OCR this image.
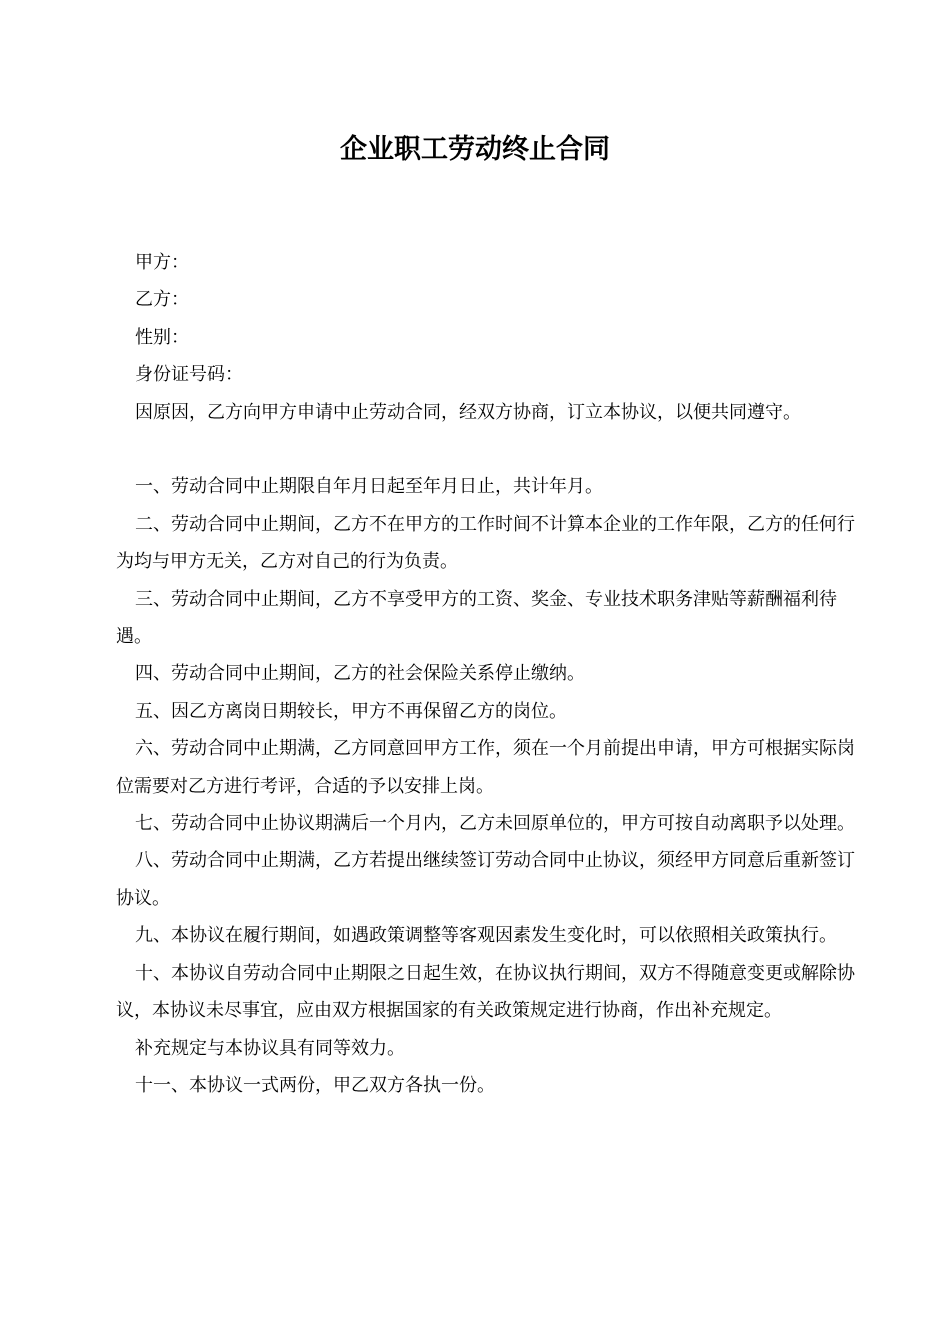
企业职工劳动终止合同

甲方：

乙方：

性别：

身份证号码：

因原因，乙方向甲方申请中止劳动合同，经双方协商，订立本协议，以便共同遵守。

一、劳动合同中止期限自年月日起至年月日止，共计年月。

二、劳动合同中止期间，乙方不在甲方的工作时间不计算本企业的工作年限，乙方的任何行为均与甲方无关，乙方对自己的行为负责。

三、劳动合同中止期间，乙方不享受甲方的工资、奖金、专业技术职务津贴等薪酬福利待遇。

四、劳动合同中止期间，乙方的社会保险关系停止缴纳。

五、因乙方离岗日期较长，甲方不再保留乙方的岗位。

六、劳动合同中止期满，乙方同意回甲方工作，须在一个月前提出申请，甲方可根据实际岗位需要对乙方进行考评，合适的予以安排上岗。

七、劳动合同中止协议期满后一个月内，乙方未回原单位的，甲方可按自动离职予以处理。

八、劳动合同中止期满，乙方若提出继续签订劳动合同中止协议，须经甲方同意后重新签订协议。

九、本协议在履行期间，如遇政策调整等客观因素发生变化时，可以依照相关政策执行。

十、本协议自劳动合同中止期限之日起生效，在协议执行期间，双方不得随意变更或解除协议，本协议未尽事宜，应由双方根据国家的有关政策规定进行协商，作出补充规定。

补充规定与本协议具有同等效力。

十一、本协议一式两份，甲乙双方各执一份。
